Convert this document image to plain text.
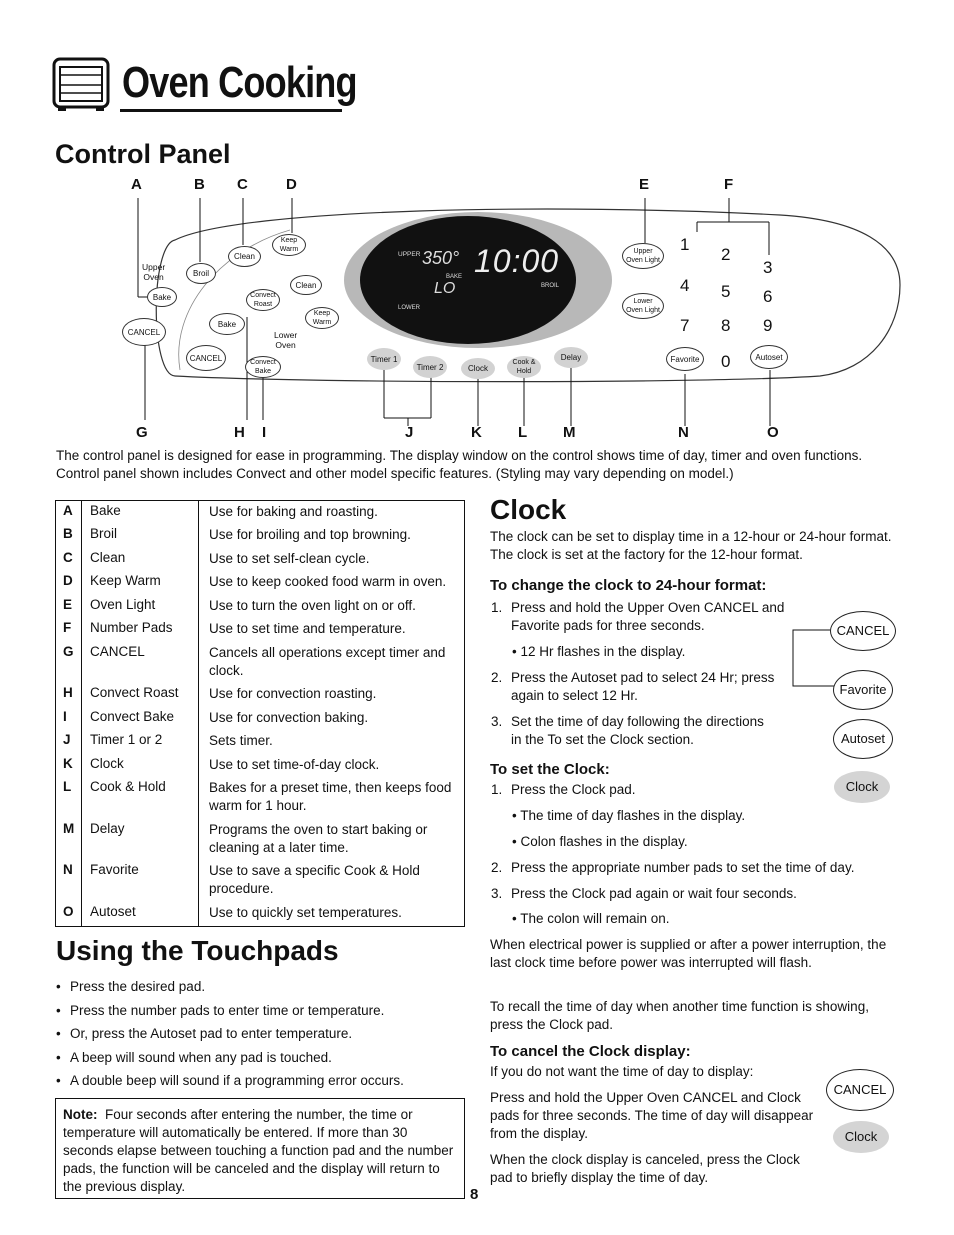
Oven Cooking
Control Panel
A	B C	D	E	F
UPPER 350° 10:00
BAKE
LO	BROIL
LOWER
Upper
Oven
Bake
Broil
Clean
Keep
Warm
CANCEL
Convect
Roast
Clean
Bake
Keep
Warm
Lower
Oven
CANCEL	Convect
Bake
Timer 1
Timer 2	Clock
Cook &
Hold
Delay
Upper
Oven Light
Lower
Oven Light
1
2
3
4 5 6
7 8 9
0
Favorite	Autoset
G	H I	J	K L M	N	O
The control panel is designed for ease in programming. The display window on the control shows time of day, timer and oven functions. Control panel shown includes Convect and other model specific features. (Styling may vary depending on model.)
A Bake	Use for baking and roasting.
B Broil	Use for broiling and top browning.
C Clean	Use to set self-clean cycle.
D Keep Warm	Use to keep cooked food warm in oven.
E Oven Light	Use to turn the oven light on or off.
F Number Pads	Use to set time and temperature.
G CANCEL	Cancels all operations except timer and clock.
H Convect Roast Use for convection roasting.
I Convect Bake	Use for convection baking.
J Timer 1 or 2	Sets timer.
K Clock	Use to set time-of-day clock.
L Cook & Hold	Bakes for a preset time, then keeps food warm for 1 hour.
M Delay	Programs the oven to start baking or cleaning at a later time.
N Favorite	Use to save a specific Cook & Hold procedure.
O Autoset	Use to quickly set temperatures.
Using the Touchpads
• Press the desired pad.
• Press the number pads to enter time or temperature.
• Or, press the Autoset pad to enter temperature.
• A beep will sound when any pad is touched.
• A double beep will sound if a programming error occurs.
Note: Four seconds after entering the number, the time or temperature will automatically be entered. If more than 30 seconds elapse between touching a function pad and the number pads, the function will be canceled and the display will return to the previous display.	8
Clock
The clock can be set to display time in a 12-hour or 24-hour format. The clock is set at the factory for the 12-hour format.
To change the clock to 24-hour format:
1. Press and hold the Upper Oven CANCEL and Favorite pads for three seconds.
• 12 Hr flashes in the display.
2. Press the Autoset pad to select 24 Hr; press again to select 12 Hr.
3. Set the time of day following the directions in the To set the Clock section.
CANCEL
Favorite
Autoset
Clock
To set the Clock:
1. Press the Clock pad.
• The time of day flashes in the display.
• Colon flashes in the display.
2. Press the appropriate number pads to set the time of day.
3. Press the Clock pad again or wait four seconds.
• The colon will remain on.
When electrical power is supplied or after a power interruption, the last clock time before power was interrupted will flash.
To recall the time of day when another time function is showing, press the Clock pad.
To cancel the Clock display:
If you do not want the time of day to display:
Press and hold the Upper Oven CANCEL and Clock pads for three seconds. The time of day will disappear from the display.
When the clock display is canceled, press the Clock pad to briefly display the time of day.
CANCEL
Clock
